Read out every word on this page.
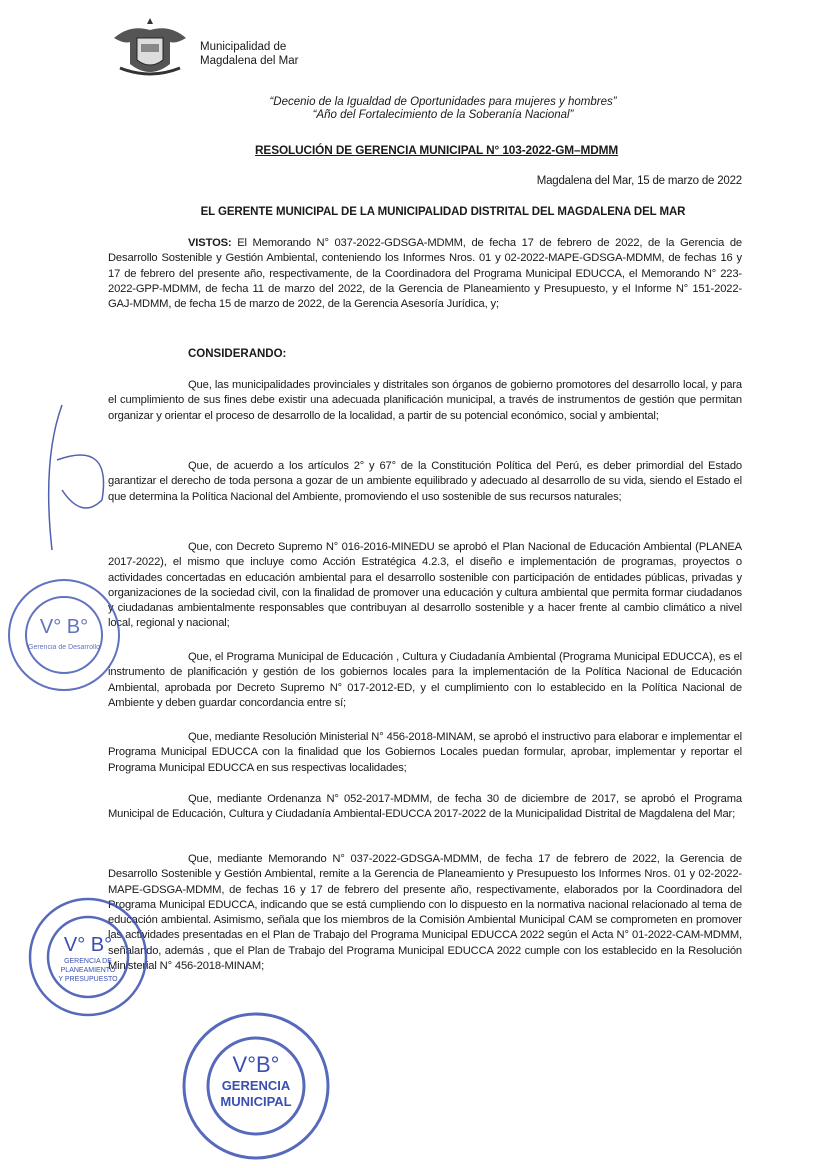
Municipalidad de
Magdalena del Mar
“Decenio de la Igualdad de Oportunidades para mujeres y hombres”
“Año del Fortalecimiento de la Soberanía Nacional”
RESOLUCIÓN DE GERENCIA MUNICIPAL N° 103-2022-GM–MDMM
Magdalena del Mar, 15 de marzo de 2022
EL GERENTE MUNICIPAL DE LA MUNICIPALIDAD DISTRITAL DEL MAGDALENA DEL MAR
VISTOS: El Memorando N° 037-2022-GDSGA-MDMM, de fecha 17 de febrero de 2022, de la Gerencia de Desarrollo Sostenible y Gestión Ambiental, conteniendo los Informes Nros. 01 y 02-2022-MAPE-GDSGA-MDMM, de fechas 16 y 17 de febrero del presente año, respectivamente, de la Coordinadora del Programa Municipal EDUCCA, el Memorando N° 223-2022-GPP-MDMM, de fecha 11 de marzo del 2022, de la Gerencia de Planeamiento y Presupuesto, y el Informe N° 151-2022-GAJ-MDMM, de fecha 15 de marzo de 2022, de la Gerencia Asesoría Jurídica, y;
CONSIDERANDO:
Que, las municipalidades provinciales y distritales son órganos de gobierno promotores del desarrollo local, y para el cumplimiento de sus fines debe existir una adecuada planificación municipal, a través de instrumentos de gestión que permitan organizar y orientar el proceso de desarrollo de la localidad, a partir de su potencial económico, social y ambiental;
Que, de acuerdo a los artículos 2° y 67° de la Constitución Política del Perú, es deber primordial del Estado garantizar el derecho de toda persona a gozar de un ambiente equilibrado y adecuado al desarrollo de su vida, siendo el Estado el que determina la Política Nacional del Ambiente, promoviendo el uso sostenible de sus recursos naturales;
Que, con Decreto Supremo N° 016-2016-MINEDU se aprobó el Plan Nacional de Educación Ambiental (PLANEA 2017-2022), el mismo que incluye como Acción Estratégica 4.2.3, el diseño e implementación de programas, proyectos o actividades concertadas en educación ambiental para el desarrollo sostenible con participación de entidades públicas, privadas y organizaciones de la sociedad civil, con la finalidad de promover una educación y cultura ambiental que permita formar ciudadanos y ciudadanas ambientalmente responsables que contribuyan al desarrollo sostenible y a hacer frente al cambio climático a nivel local, regional y nacional;
Que, el Programa Municipal de Educación , Cultura y Ciudadanía Ambiental (Programa Municipal EDUCCA), es el instrumento de planificación y gestión de los gobiernos locales para la implementación de la Política Nacional de Educación Ambiental, aprobada por Decreto Supremo N° 017-2012-ED, y el cumplimiento con lo establecido en la Política Nacional de Ambiente y deben guardar concordancia entre sí;
Que, mediante Resolución Ministerial N° 456-2018-MINAM, se aprobó el instructivo para elaborar e implementar el Programa Municipal EDUCCA con la finalidad que los Gobiernos Locales puedan formular, aprobar, implementar y reportar el Programa Municipal EDUCCA en sus respectivas localidades;
Que, mediante Ordenanza N° 052-2017-MDMM, de fecha 30 de diciembre de 2017, se aprobó el Programa Municipal de Educación, Cultura y Ciudadanía Ambiental-EDUCCA 2017-2022 de la Municipalidad Distrital de Magdalena del Mar;
Que, mediante Memorando N° 037-2022-GDSGA-MDMM, de fecha 17 de febrero de 2022, la Gerencia de Desarrollo Sostenible y Gestión Ambiental, remite a la Gerencia de Planeamiento y Presupuesto los Informes Nros. 01 y 02-2022-MAPE-GDSGA-MDMM, de fechas 16 y 17 de febrero del presente año, respectivamente, elaborados por la Coordinadora del Programa Municipal EDUCCA, indicando que se está cumpliendo con lo dispuesto en la normativa nacional relacionado al tema de educación ambiental. Asimismo, señala que los miembros de la Comisión Ambiental Municipal CAM se comprometen en promover las actividades presentadas en el Plan de Trabajo del Programa Municipal EDUCCA 2022 según el Acta N° 01-2022-CAM-MDMM, señalando, además , que el Plan de Trabajo del Programa Municipal EDUCCA 2022 cumple con los establecido en la Resolución Ministerial N° 456-2018-MINAM;
V° B°
Gerencia de Desarrollo
V° B°
GERENCIA DE
PLANEAMIENTO
Y PRESUPUESTO
V°B°
GERENCIA
MUNICIPAL
